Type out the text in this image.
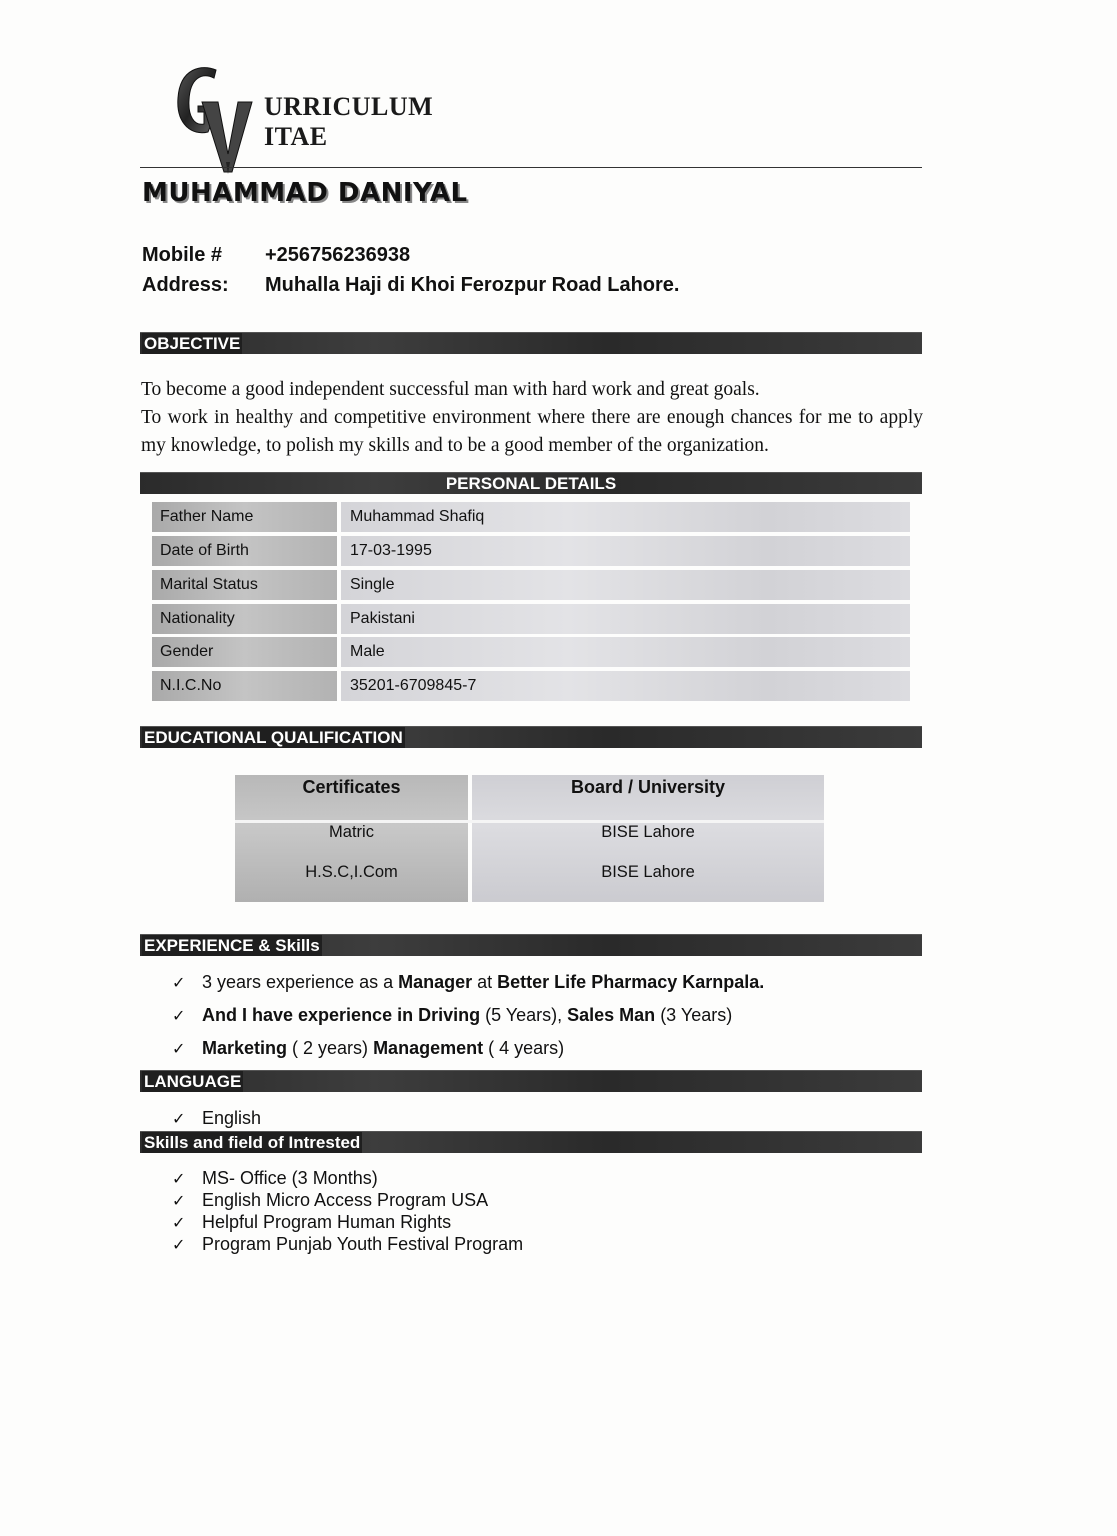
URRICULUM
ITAE
MUHAMMAD DANIYAL
Mobile # +256756236938
Address: Muhalla Haji di Khoi Ferozpur Road Lahore.
OBJECTIVE

To become a good independent successful man with hard work and great goals.

To work in healthy and competitive environment where there are enough chances for me to apply my knowledge, to polish my skills and to be a good member of the organization.

PERSONAL DETAILS
Father Name	Muhammad Shafiq
Date of Birth	17-03-1995
Marital Status	Single
Nationality	Pakistani
Gender	Male
N.I.C.No	35201-6709845-7
EDUCATIONAL QUALIFICATION
Certificates	Board / University
Matric	BISE Lahore
H.S.C,I.Com	BISE Lahore
EXPERIENCE & Skills
✓ 3 years experience as a Manager at Better Life Pharmacy Karnpala.
✓ And I have experience in Driving (5 Years), Sales Man (3 Years)
✓ Marketing ( 2 years) Management ( 4 years)
LANGUAGE
✓ English
Skills and field of Intrested
✓ MS- Office (3 Months)
✓ English Micro Access Program USA
✓ Helpful Program Human Rights
✓ Program Punjab Youth Festival Program
